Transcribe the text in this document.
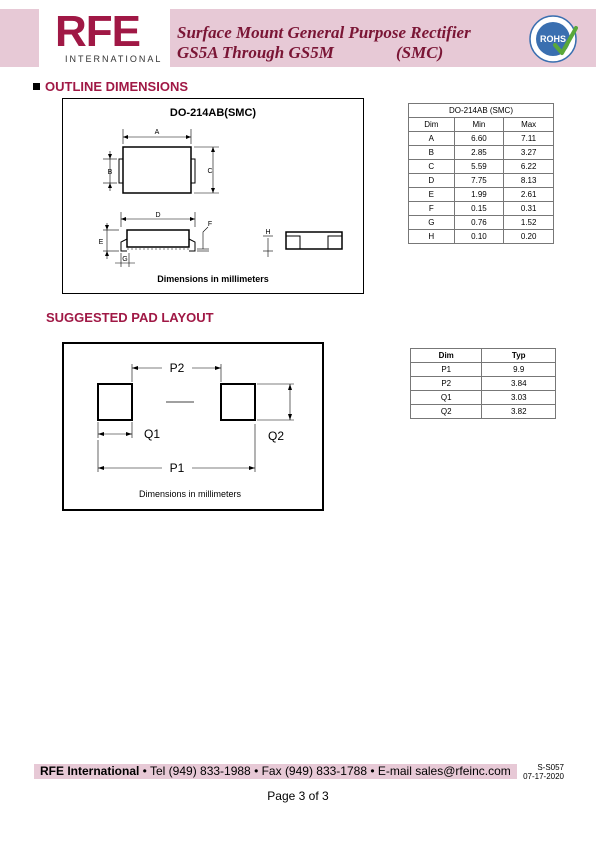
RFE
INTERNATIONAL
Surface Mount General Purpose Rectifier
GS5A Through GS5M	(SMC)
ROHS
OUTLINE DIMENSIONS
DO-214AB(SMC)
A
B	C
D
E
F
G
H
Dimensions in millimeters
DO-214AB (SMC)		
Dim	Min	Max
A	6.60	7.11
B	2.85	3.27
C	5.59	6.22
D	7.75	8.13
E	1.99	2.61
F	0.15	0.31
G	0.76	1.52
H	0.10	0.20
SUGGESTED PAD LAYOUT
P2
Q1	Q2
P1
Dimensions in millimeters
Dim	Typ
P1	9.9
P2	3.84
Q1	3.03
Q2	3.82
RFE International • Tel (949) 833-1988 • Fax (949) 833-1788 • E-mail sales@rfeinc.com	S-S057
07-17-2020
Page 3 of 3
